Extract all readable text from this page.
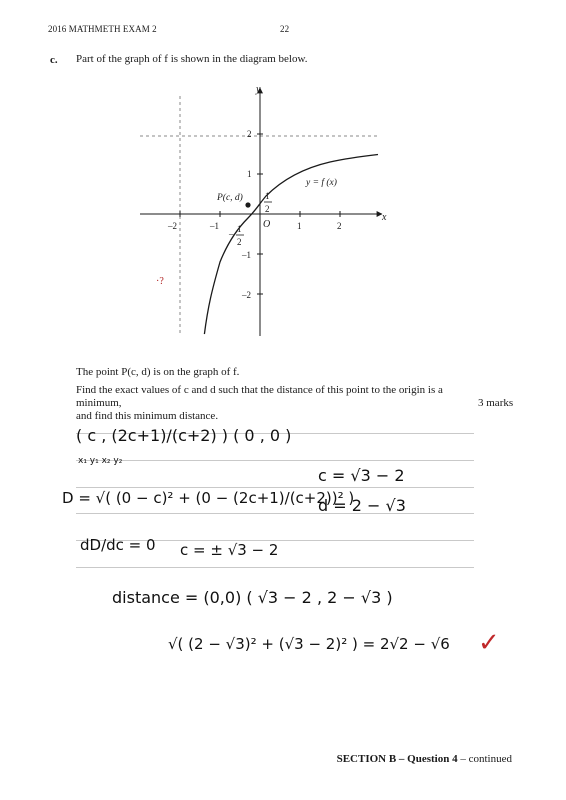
2016 MATHMETH EXAM 2	22
c. Part of the graph of f is shown in the diagram below.
y
x
O
–2	–1	1	2
2
1
–1
–2
P(c, d)
y = f (x)
1
2
– 1
2
·?
The point P(c, d) is on the graph of f.
Find the exact values of c and d such that the distance of this point to the origin is a minimum,
and find this minimum distance.
3 marks
( c , (2c+1)/(c+2) ) ( 0 , 0 )
x₁ y₁ x₂ y₂
D = √( (0 − c)² + (0 − (2c+1)/(c+2))² )
c = √3 − 2
d = 2 − √3
dD/dc = 0 c = ± √3 − 2
distance = (0,0) ( √3 − 2 , 2 − √3 )
√( (2 − √3)² + (√3 − 2)² ) = 2√2 − √6 ✓
SECTION B – Question 4 – continued
